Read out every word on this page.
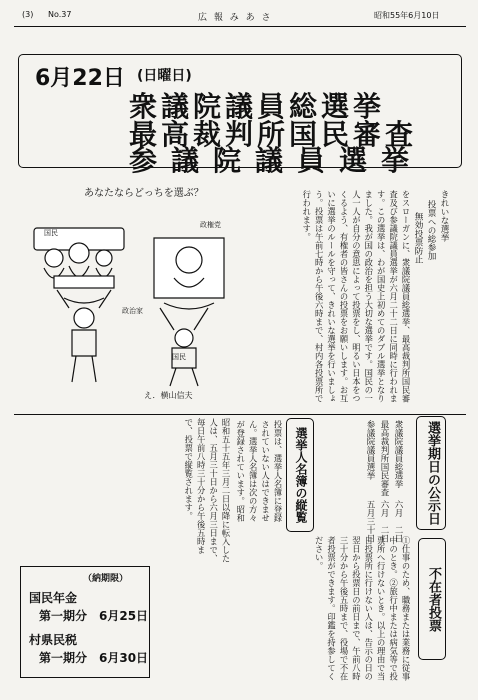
(3) No.37	広 報 み あ さ	昭和55年6月10日
6月22日 (日曜日)
衆議院議員総選挙
最高裁判所国民審査
参議院議員選挙
あなたならどっちを選ぶ？
国民
政権党
政治家
国民
え．横山信夫	をスローガンに、衆議院議員総選挙、最高裁判所国民審査及び参議院議員選挙が六月二十二日に同時に行われます。この選挙は、わが国史上初めてのダブル選挙となりました。我が国の政治を担う大切な選挙です。国民の一人一人が自分の意思によって投票をし、明るい日本をつくるよう、有権者の皆さんの投票をお願いします。お互いに選挙のルールを守って、きれいな選挙を行いましょう。投票は午前七時から午後六時まで、村内各投票所で行われます。	きれいな選挙
投票への総参加
無効投票防止
選挙期日の公示日
衆議院議員総選挙
六月　二日
最高裁判所国民審査
六月　二日
参議院議員選挙
五月三十日
選挙人名簿の縦覧
投票は、選挙人名簿に登録されていない人はできません。選挙人名簿は次の方々が登録されています。昭和
昭和五十五年三月二日以降に転入した人は、五月三十日から六月三日まで、毎日午前八時三十分から午後五時まで、投票で縦覧されます。
不在者投票
①仕事のため、職務または業務に従事中のとき。②旅行中または病気等で投票所へ行けないとき。以上の理由で当日投票所に行けない人は、告示の日の翌日から投票日の前日まで、午前八時三十分から午後五時まで、役場で不在者投票ができます。印鑑を持参してください。
（納期限）
国民年金
第一期分 6月25日
村県民税
第一期分 6月30日
